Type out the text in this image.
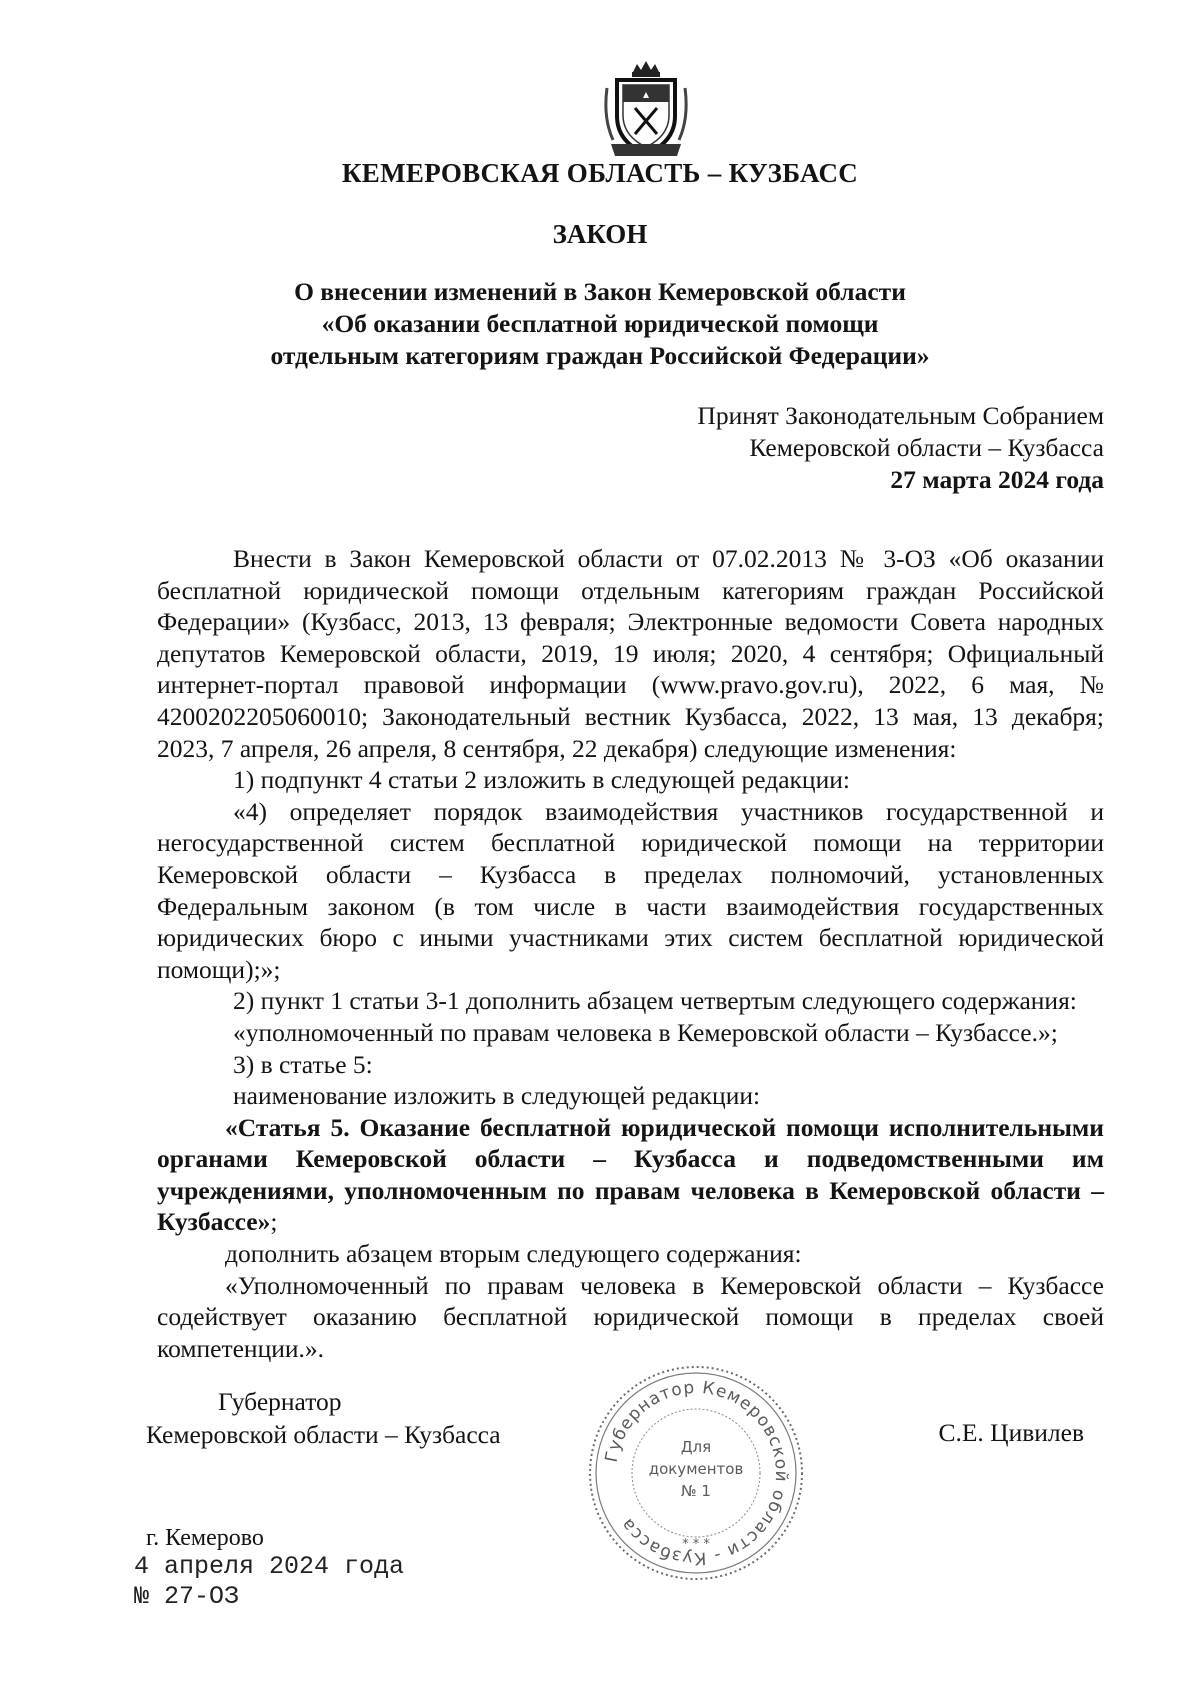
КЕМЕРОВСКАЯ ОБЛАСТЬ – КУЗБАСС
ЗАКОН
О внесении изменений в Закон Кемеровской области
«Об оказании бесплатной юридической помощи
отдельным категориям граждан Российской Федерации»
Принят Законодательным Собранием
Кемеровской области – Кузбасса
27 марта 2024 года

Внести в Закон Кемеровской области от 07.02.2013 № 3-ОЗ «Об оказании бесплатной юридической помощи отдельным категориям граждан Российской Федерации» (Кузбасс, 2013, 13 февраля; Электронные ведомости Совета народных депутатов Кемеровской области, 2019, 19 июля; 2020, 4 сентября; Официальный интернет-портал правовой информации (www.pravo.gov.ru), 2022, 6 мая, № 4200202205060010; Законодательный вестник Кузбасса, 2022, 13 мая, 13 декабря; 2023, 7 апреля, 26 апреля, 8 сентября, 22 декабря) следующие изменения:

1) подпункт 4 статьи 2 изложить в следующей редакции:

«4) определяет порядок взаимодействия участников государственной и негосударственной систем бесплатной юридической помощи на территории Кемеровской области – Кузбасса в пределах полномочий, установленных Федеральным законом (в том числе в части взаимодействия государственных юридических бюро с иными участниками этих систем бесплатной юридической помощи);»;

2) пункт 1 статьи 3-1 дополнить абзацем четвертым следующего содержания:

«уполномоченный по правам человека в Кемеровской области – Кузбассе.»;

3) в статье 5:

наименование изложить в следующей редакции:

«Статья 5. Оказание бесплатной юридической помощи исполнительными органами Кемеровской области – Кузбасса и подведомственными им учреждениями, уполномоченным по правам человека в Кемеровской области – Кузбассе»;

дополнить абзацем вторым следующего содержания:

«Уполномоченный по правам человека в Кемеровской области – Кузбассе содействует оказанию бесплатной юридической помощи в пределах своей компетенции.».

Губернатор
Кемеровской области – Кузбасса
Губернатор Кемеровской области - Кузбасса
Для
документов
№ 1
* * *
С.Е. Цивилев
г. Кемерово
4 апреля 2024 года
№ 27-ОЗ
